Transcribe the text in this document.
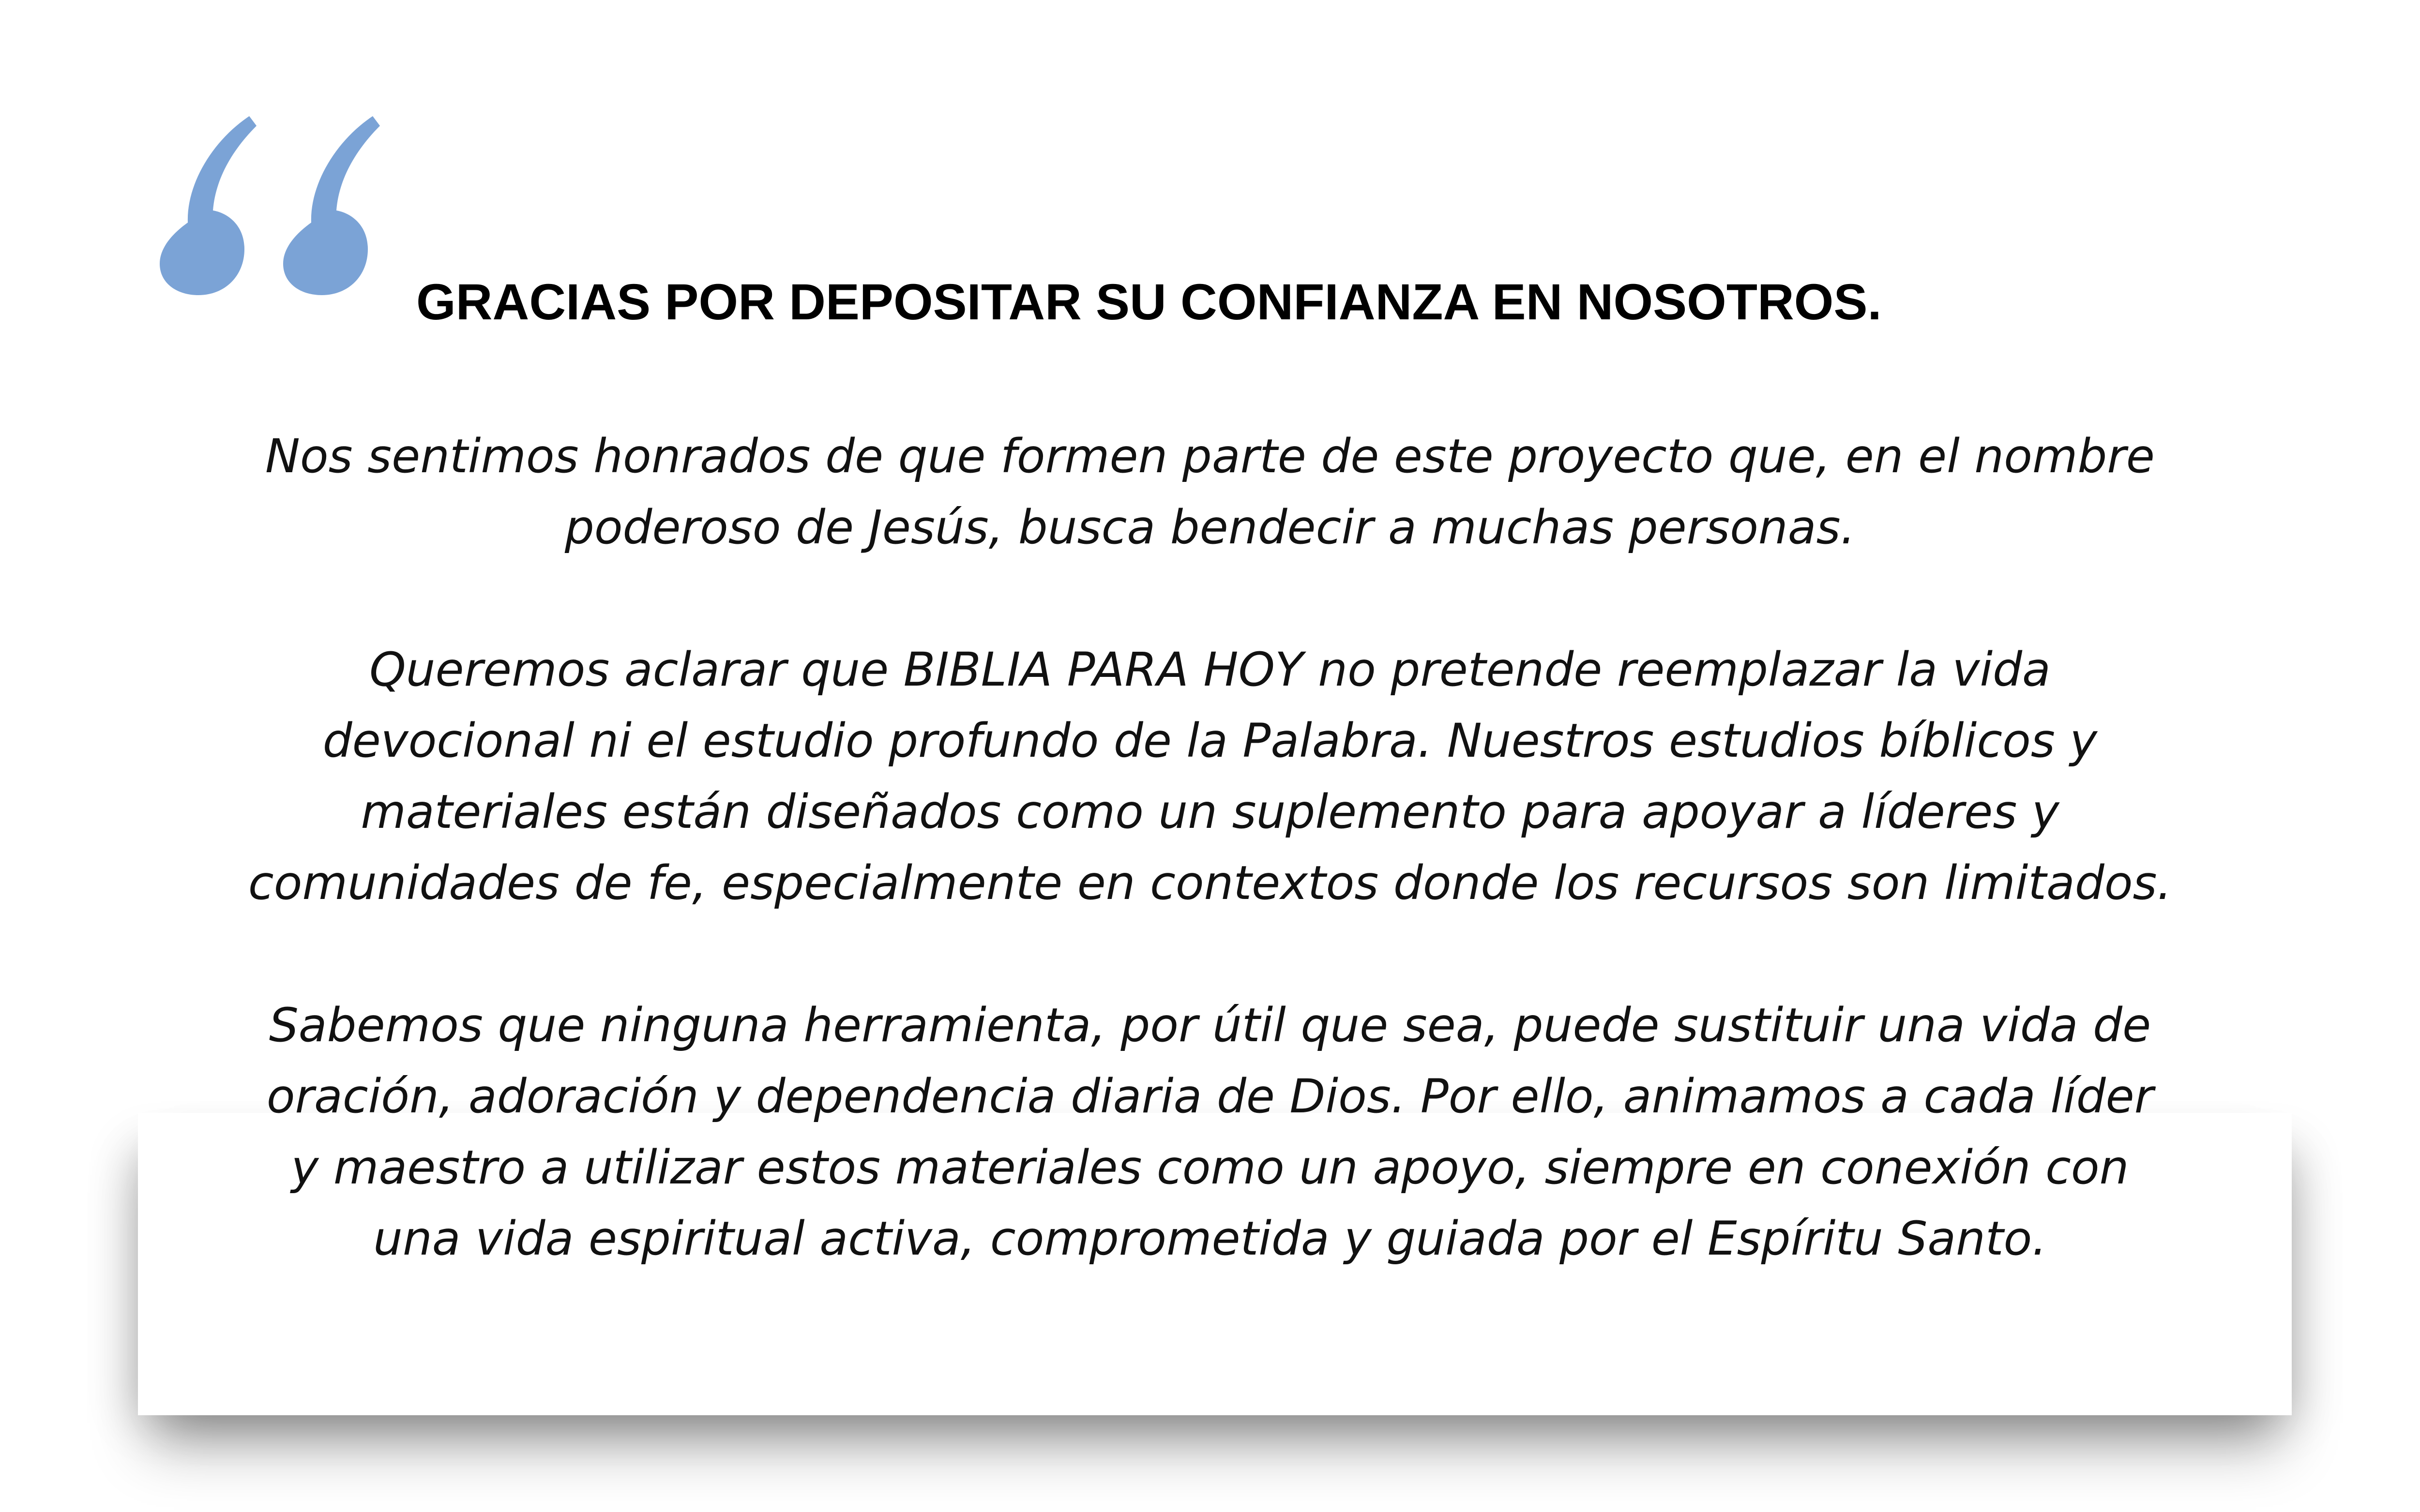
GRACIAS POR DEPOSITAR SU CONFIANZA EN NOSOTROS.

Nos sentimos honrados de que formen parte de este proyecto que, en el nombre
poderoso de Jesús, busca bendecir a muchas personas.

Queremos aclarar que BIBLIA PARA HOY no pretende reemplazar la vida
devocional ni el estudio profundo de la Palabra. Nuestros estudios bíblicos y
materiales están diseñados como un suplemento para apoyar a líderes y
comunidades de fe, especialmente en contextos donde los recursos son limitados.

Sabemos que ninguna herramienta, por útil que sea, puede sustituir una vida de
oración, adoración y dependencia diaria de Dios. Por ello, animamos a cada líder
y maestro a utilizar estos materiales como un apoyo, siempre en conexión con
una vida espiritual activa, comprometida y guiada por el Espíritu Santo.
